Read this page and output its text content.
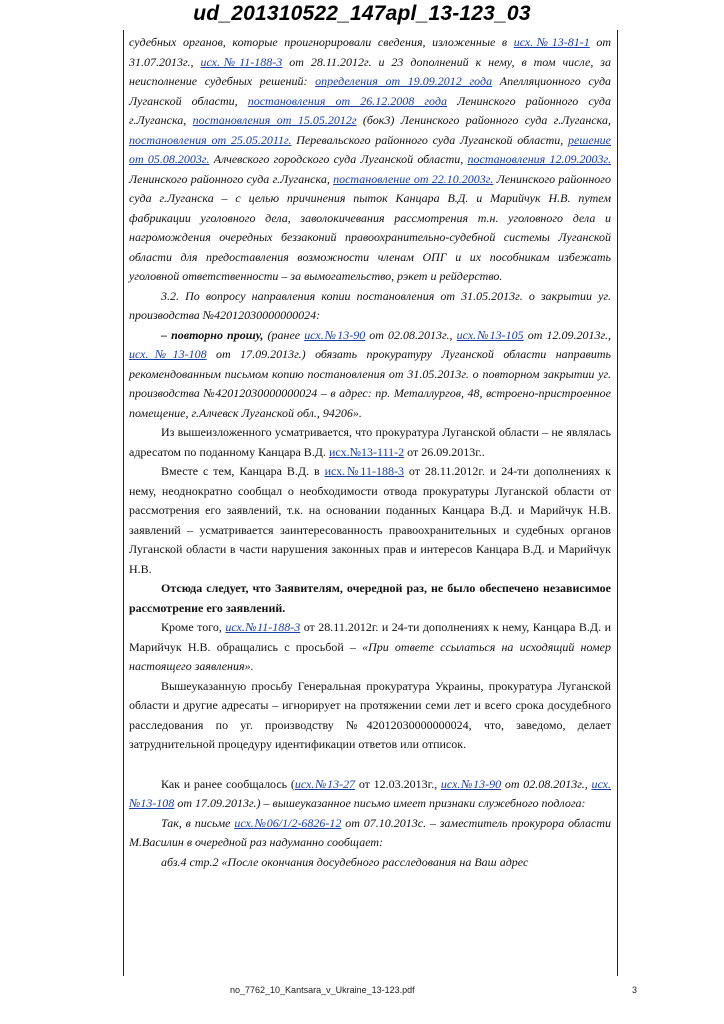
ud_201310522_147apl_13-123_03

судебных органов, которые проигнорировали сведения, изложенные в исх.№13-81-1 от 31.07.2013г., исх.№11-188-3 от 28.11.2012г. и 23 дополнений к нему, в том числе, за неисполнение судебных решений: определения от 19.09.2012 года Апелляционного суда Луганской области, постановления от 26.12.2008 года Ленинского районного суда г.Луганска, постановления от 15.05.2012г (бок3) Ленинского районного суда г.Луганска, постановления от 25.05.2011г. Перевальского районного суда Луганской области, решение от 05.08.2003г. Алчевского городского суда Луганской области, постановления 12.09.2003г. Ленинского районного суда г.Луганска, постановление от 22.10.2003г. Ленинского районного суда г.Луганска – с целью причинения пыток Канцара В.Д. и Марийчук Н.В. путем фабрикации уголовного дела, заволокичевания рассмотрения т.н. уголовного дела и нагромождения очередных беззаконий правоохранительно-судебной системы Луганской области для предоставления возможности членам ОПГ и их пособникам избежать уголовной ответственности – за вымогательство, рэкет и рейдерство.

3.2. По вопросу направления копии постановления от 31.05.2013г. о закрытии уг. производства №42012030000000024:

– повторно прошу, (ранее исх.№13-90 от 02.08.2013г., исх.№13-105 от 12.09.2013г., исх.№13-108 от 17.09.2013г.) обязать прокуратуру Луганской области направить рекомендованным письмом копию постановления от 31.05.2013г. о повторном закрытии уг. производства №42012030000000024 – в адрес: пр. Металлургов, 48, встроено-пристроенное помещение, г.Алчевск Луганской обл., 94206».

Из вышеизложенного усматривается, что прокуратура Луганской области – не являлась адресатом по поданному Канцара В.Д. исх.№13-111-2 от 26.09.2013г..

Вместе с тем, Канцара В.Д. в исх.№11-188-3 от 28.11.2012г. и 24-ти дополнениях к нему, неоднократно сообщал о необходимости отвода прокуратуры Луганской области от рассмотрения его заявлений, т.к. на основании поданных Канцара В.Д. и Марийчук Н.В. заявлений – усматривается заинтересованность правоохранительных и судебных органов Луганской области в части нарушения законных прав и интересов Канцара В.Д. и Марийчук Н.В.

Отсюда следует, что Заявителям, очередной раз, не было обеспечено независимое рассмотрение его заявлений.

Кроме того, исх.№11-188-3 от 28.11.2012г. и 24-ти дополнениях к нему, Канцара В.Д. и Марийчук Н.В. обращались с просьбой – «При ответе ссылаться на исходящий номер настоящего заявления».

Вышеуказанную просьбу Генеральная прокуратура Украины, прокуратура Луганской области и другие адресаты – игнорирует на протяжении семи лет и всего срока досудебного расследования по уг. производству №42012030000000024, что, заведомо, делает затруднительной процедуру идентификации ответов или отписок.

Как и ранее сообщалось (исх.№13-27 от 12.03.2013г., исх.№13-90 от 02.08.2013г., исх.№13-108 от 17.09.2013г.) – вышеуказанное письмо имеет признаки служебного подлога:

Так, в письме исх.№06/1/2-6826-12 от 07.10.2013с. – заместитель прокурора области М.Василин в очередной раз надуманно сообщает:

абз.4 стр.2 «После окончания досудебного расследования на Ваш адрес

no_7762_10_Kantsara_v_Ukraine_13-123.pdf	3
